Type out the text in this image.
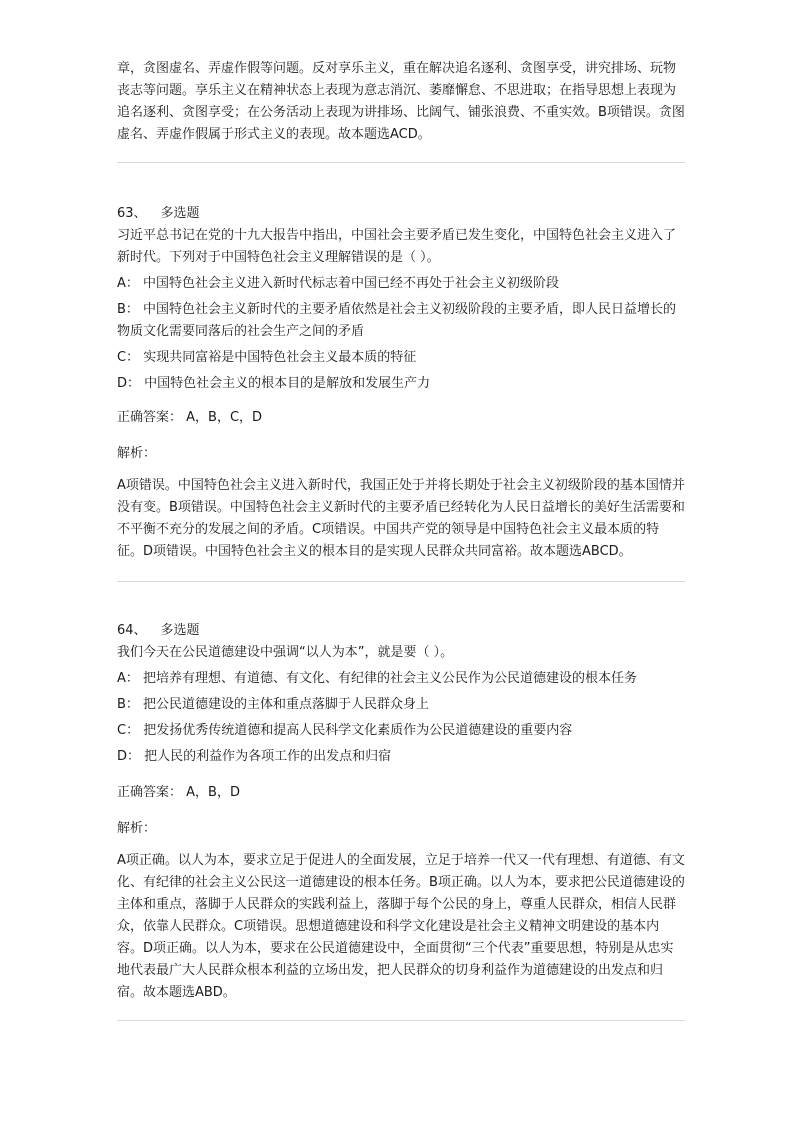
章，贪图虚名、弄虚作假等问题。反对享乐主义，重在解决追名逐利、贪图享受，讲究排场、玩物丧志等问题。享乐主义在精神状态上表现为意志消沉、萎靡懈怠、不思进取；在指导思想上表现为追名逐利、贪图享受；在公务活动上表现为讲排场、比阔气、铺张浪费、不重实效。B项错误。贪图虚名、弄虚作假属于形式主义的表现。故本题选ACD。

63、 多选题

习近平总书记在党的十九大报告中指出，中国社会主要矛盾已发生变化，中国特色社会主义进入了新时代。下列对于中国特色社会主义理解错误的是（ ）。

A： 中国特色社会主义进入新时代标志着中国已经不再处于社会主义初级阶段

B： 中国特色社会主义新时代的主要矛盾依然是社会主义初级阶段的主要矛盾，即人民日益增长的物质文化需要同落后的社会生产之间的矛盾

C： 实现共同富裕是中国特色社会主义最本质的特征

D： 中国特色社会主义的根本目的是解放和发展生产力

正确答案： A，B，C，D

解析：

A项错误。中国特色社会主义进入新时代，我国正处于并将长期处于社会主义初级阶段的基本国情并没有变。B项错误。中国特色社会主义新时代的主要矛盾已经转化为人民日益增长的美好生活需要和不平衡不充分的发展之间的矛盾。C项错误。中国共产党的领导是中国特色社会主义最本质的特征。D项错误。中国特色社会主义的根本目的是实现人民群众共同富裕。故本题选ABCD。

64、 多选题

我们今天在公民道德建设中强调“以人为本”，就是要（ ）。

A： 把培养有理想、有道德、有文化、有纪律的社会主义公民作为公民道德建设的根本任务

B： 把公民道德建设的主体和重点落脚于人民群众身上

C： 把发扬优秀传统道德和提高人民科学文化素质作为公民道德建设的重要内容

D： 把人民的利益作为各项工作的出发点和归宿

正确答案： A，B，D

解析：

A项正确。以人为本，要求立足于促进人的全面发展，立足于培养一代又一代有理想、有道德、有文化、有纪律的社会主义公民这一道德建设的根本任务。B项正确。以人为本，要求把公民道德建设的主体和重点，落脚于人民群众的实践利益上，落脚于每个公民的身上，尊重人民群众，相信人民群众，依靠人民群众。C项错误。思想道德建设和科学文化建设是社会主义精神文明建设的基本内容。D项正确。以人为本，要求在公民道德建设中，全面贯彻“三个代表”重要思想，特别是从忠实地代表最广大人民群众根本利益的立场出发，把人民群众的切身利益作为道德建设的出发点和归宿。故本题选ABD。
